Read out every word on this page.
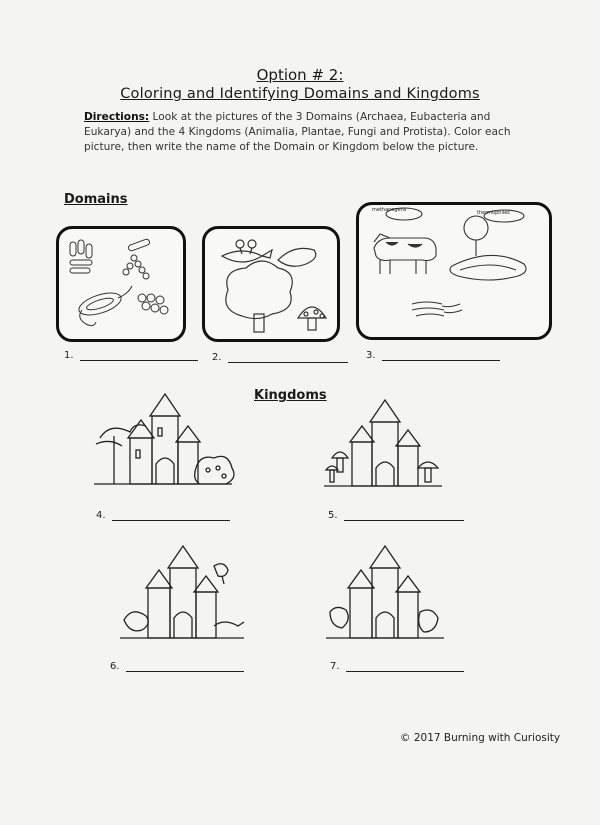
Option # 2:
Coloring and Identifying Domains and Kingdoms
Directions: Look at the pictures of the 3 Domains (Archaea, Eubacteria and Eukarya) and the 4 Kingdoms (Animalia, Plantae, Fungi and Protista). Color each picture, then write the name of the Domain or Kingdom below the picture.
Domains
methanogens	thermophiles
1.	2.	3.
Kingdoms
4.	5.
6.	7.
© 2017 Burning with Curiosity
